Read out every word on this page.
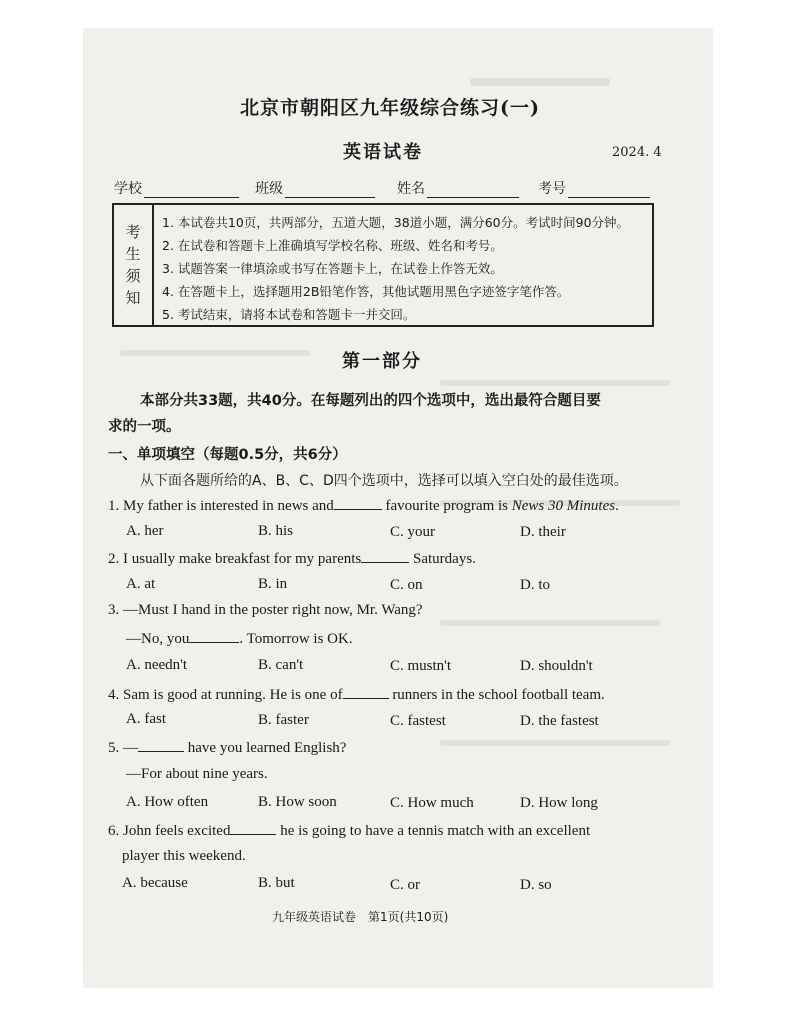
北京市朝阳区九年级综合练习(一)
英语试卷	2024. 4
学校	班级	姓名	考号
考
生
须
知
1. 本试卷共10页，共两部分，五道大题，38道小题，满分60分。考试时间90分钟。
2. 在试卷和答题卡上准确填写学校名称、班级、姓名和考号。
3. 试题答案一律填涂或书写在答题卡上，在试卷上作答无效。
4. 在答题卡上，选择题用2B铅笔作答，其他试题用黑色字迹签字笔作答。
5. 考试结束，请将本试卷和答题卡一并交回。
第一部分
本部分共33题，共40分。在每题列出的四个选项中，选出最符合题目要
求的一项。
一、单项填空（每题0.5分，共6分）
从下面各题所给的A、B、C、D四个选项中，选择可以填入空白处的最佳选项。
1. My father is interested in news and	favourite program is News 30 Minutes.
A. her	B. his	C. your	D. their
2. I usually make breakfast for my parents	Saturdays.
A. at	B. in	C. on	D. to
3. —Must I hand in the poster right now, Mr. Wang?
—No, you	. Tomorrow is OK.
A. needn't	B. can't	C. mustn't	D. shouldn't
4. Sam is good at running. He is one of	runners in the school football team.
A. fast	B. faster	C. fastest	D. the fastest
5. —	have you learned English?
—For about nine years.
A. How often	B. How soon	C. How much	D. How long
6. John feels excited	he is going to have a tennis match with an excellent
player this weekend.
A. because	B. but	C. or	D. so
九年级英语试卷　第1页(共10页)
